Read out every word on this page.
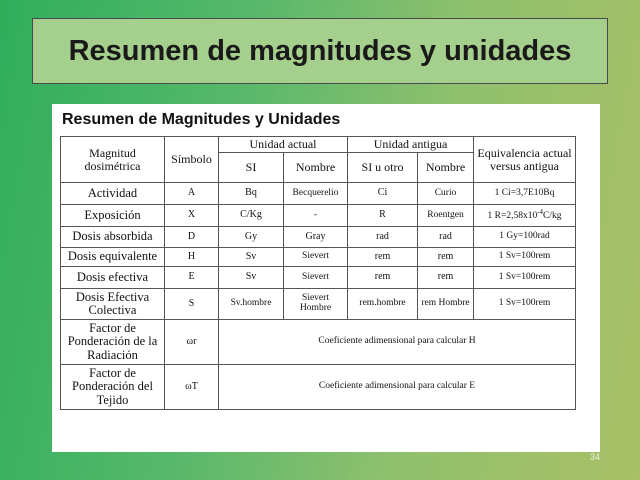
Resumen de magnitudes y unidades
Resumen de Magnitudes y Unidades
Magnitud dosimétrica	Símbolo	Unidad actual		Unidad antigua		Equivalencia actual versus antigua
		SI	Nombre	SI u otro	Nombre	
Actividad	A	Bq	Becquerelio	Ci	Curio	1 Ci=3,7E10Bq
Exposición	X	C/Kg	-	R	Roentgen	1 $R=2,58x10^{-4}C/kg$
Dosis absorbida	D	Gy	Gray	rad	rad	1 Gy=100rad
Dosis equivalente	H	Sv	Sievert	rem	rem	1 Sv=100rem
Dosis efectiva	E	Sv	Sievert	rem	rem	1 Sv=100rem
Dosis Efectiva Colectiva	S	Sv.hombre	Sievert Hombre	rem.hombre	rem Hombre	1 Sv=100rem
Factor de Ponderación de la Radiación	ωr	Coeficiente adimensional para calcular H				
Factor de Ponderación del Tejido	ωT	Coeficiente adimensional para calcular E				
34
